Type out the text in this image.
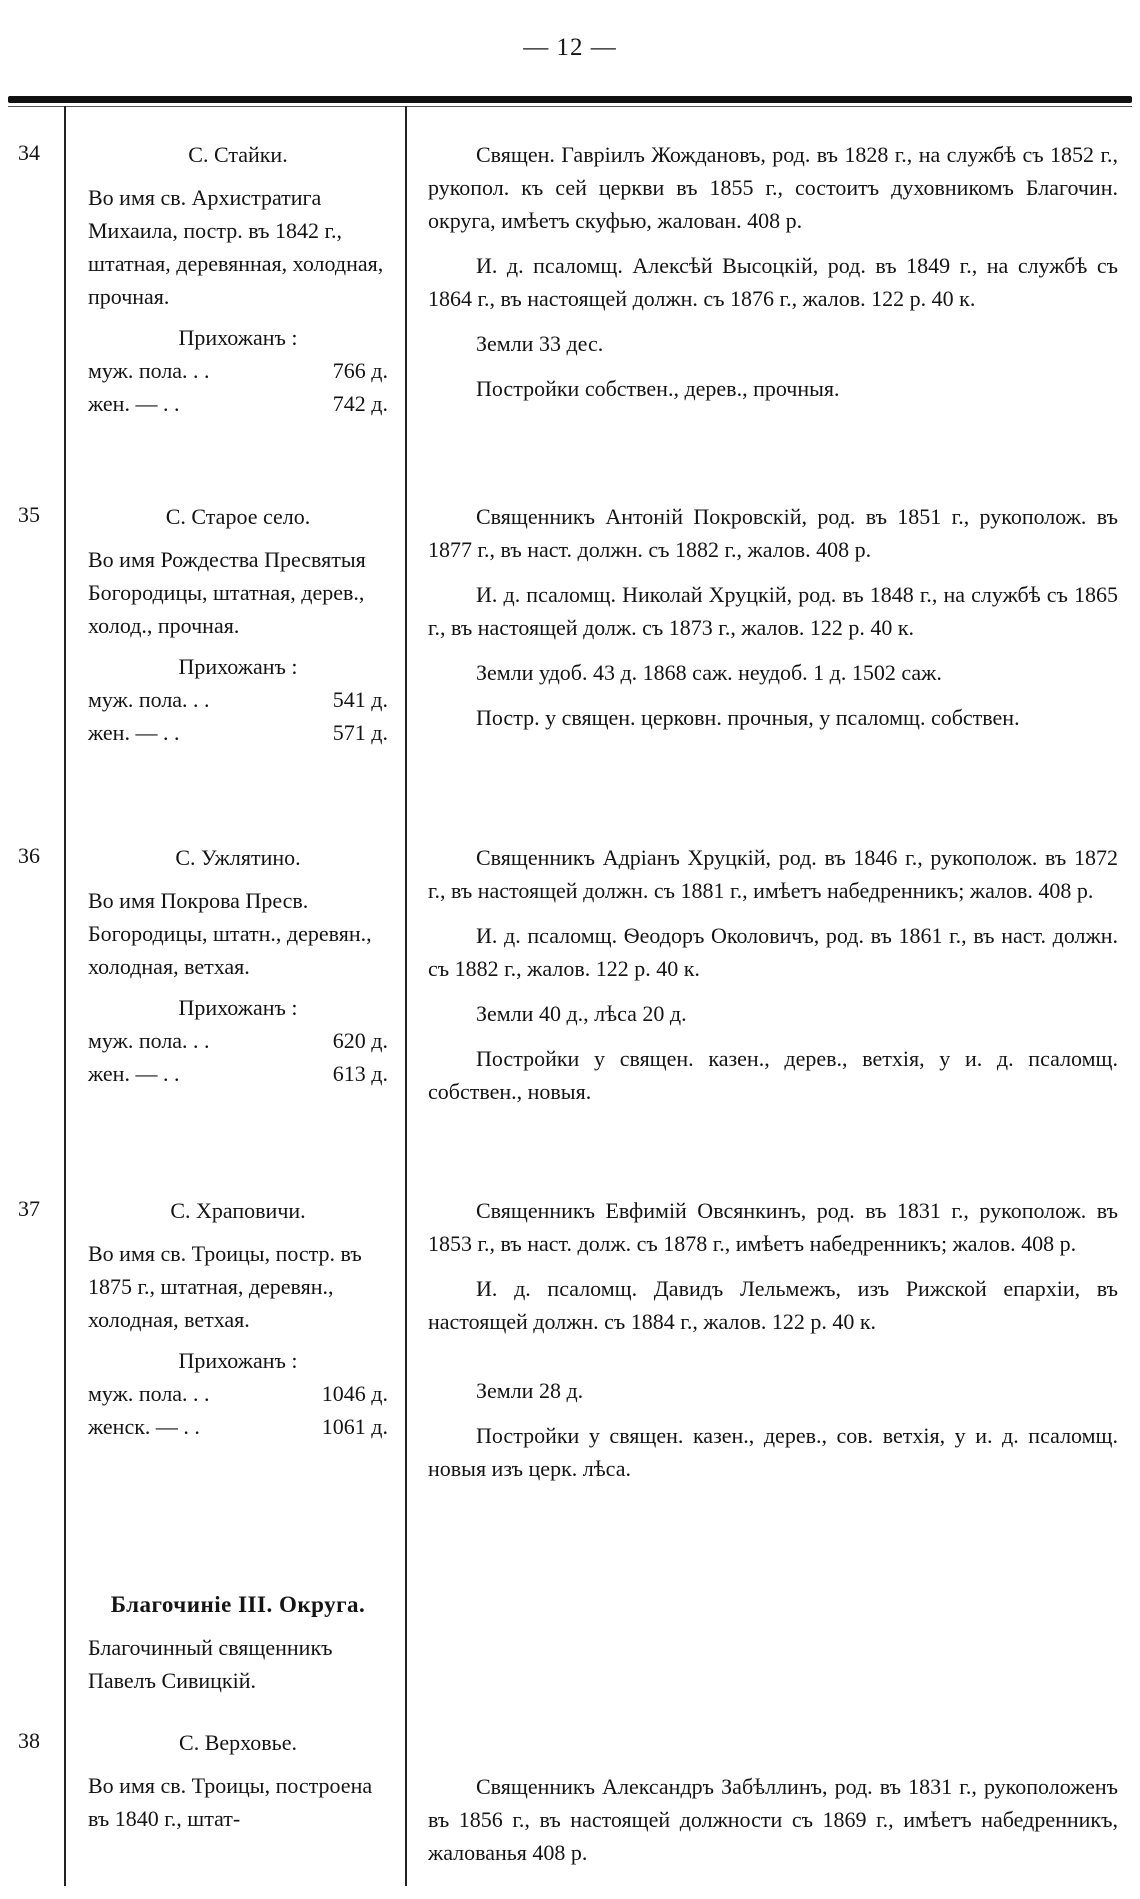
— 12 —
34	С. Стайки.

Во имя св. Архистратига Михаила, постр. въ 1842 г., штатная, деревянная, холодная, прочная.

Прихожанъ :

муж. пола. . .	766 д.
жен. — . .	742 д.

Священ. Гавріилъ Жождановъ, род. въ 1828 г., на службѣ съ 1852 г., рукопол. къ сей церкви въ 1855 г., состоитъ духовникомъ Благочин. округа, имѣетъ скуфью, жалован. 408 р.

И. д. псаломщ. Алексѣй Высоцкій, род. въ 1849 г., на службѣ съ 1864 г., въ настоящей должн. съ 1876 г., жалов. 122 р. 40 к.

Земли 33 дес.

Постройки собствен., дерев., прочныя.

35	С. Старое село.

Во имя Рождества Пресвятыя Богородицы, штатная, дерев., холод., прочная.

Прихожанъ :

муж. пола. . .	541 д.
жен. — . .	571 д.

Священникъ Антоній Покровскій, род. въ 1851 г., рукополож. въ 1877 г., въ наст. должн. съ 1882 г., жалов. 408 р.

И. д. псаломщ. Николай Хруцкій, род. въ 1848 г., на службѣ съ 1865 г., въ настоящей долж. съ 1873 г., жалов. 122 р. 40 к.

Земли удоб. 43 д. 1868 саж. неудоб. 1 д. 1502 саж.

Постр. у священ. церковн. прочныя, у псаломщ. собствен.

36	С. Ужлятино.

Во имя Покрова Пресв. Богородицы, штатн., деревян., холодная, ветхая.

Прихожанъ :

муж. пола. . .	620 д.
жен. — . .	613 д.

Священникъ Адріанъ Хруцкій, род. въ 1846 г., рукополож. въ 1872 г., въ настоящей должн. съ 1881 г., имѣетъ набедренникъ; жалов. 408 р.

И. д. псаломщ. Ѳеодоръ Околовичъ, род. въ 1861 г., въ наст. должн. съ 1882 г., жалов. 122 р. 40 к.

Земли 40 д., лѣса 20 д.

Постройки у священ. казен., дерев., ветхія, у и. д. псаломщ. собствен., новыя.

37	С. Храповичи.

Во имя св. Троицы, постр. въ 1875 г., штатная, деревян., холодная, ветхая.

Прихожанъ :

муж. пола. . .	1046 д.
женск. — . .	1061 д.

Священникъ Евфимій Овсянкинъ, род. въ 1831 г., рукополож. въ 1853 г., въ наст. долж. съ 1878 г., имѣетъ набедренникъ; жалов. 408 р.

И. д. псаломщ. Давидъ Лельмежъ, изъ Рижской епархіи, въ настоящей должн. съ 1884 г., жалов. 122 р. 40 к.

Земли 28 д.

Постройки у священ. казен., дерев., сов. ветхія, у и. д. псаломщ. новыя изъ церк. лѣса.

Благочиніе III. Округа.

Благочинный священникъ Павелъ Сивицкій.

38	С. Верховье.

Во имя св. Троицы, построена въ 1840 г., штат-

Священникъ Александръ Забѣллинъ, род. въ 1831 г., рукоположенъ въ 1856 г., въ настоящей должности съ 1869 г., имѣетъ набедренникъ, жалованья 408 р.
